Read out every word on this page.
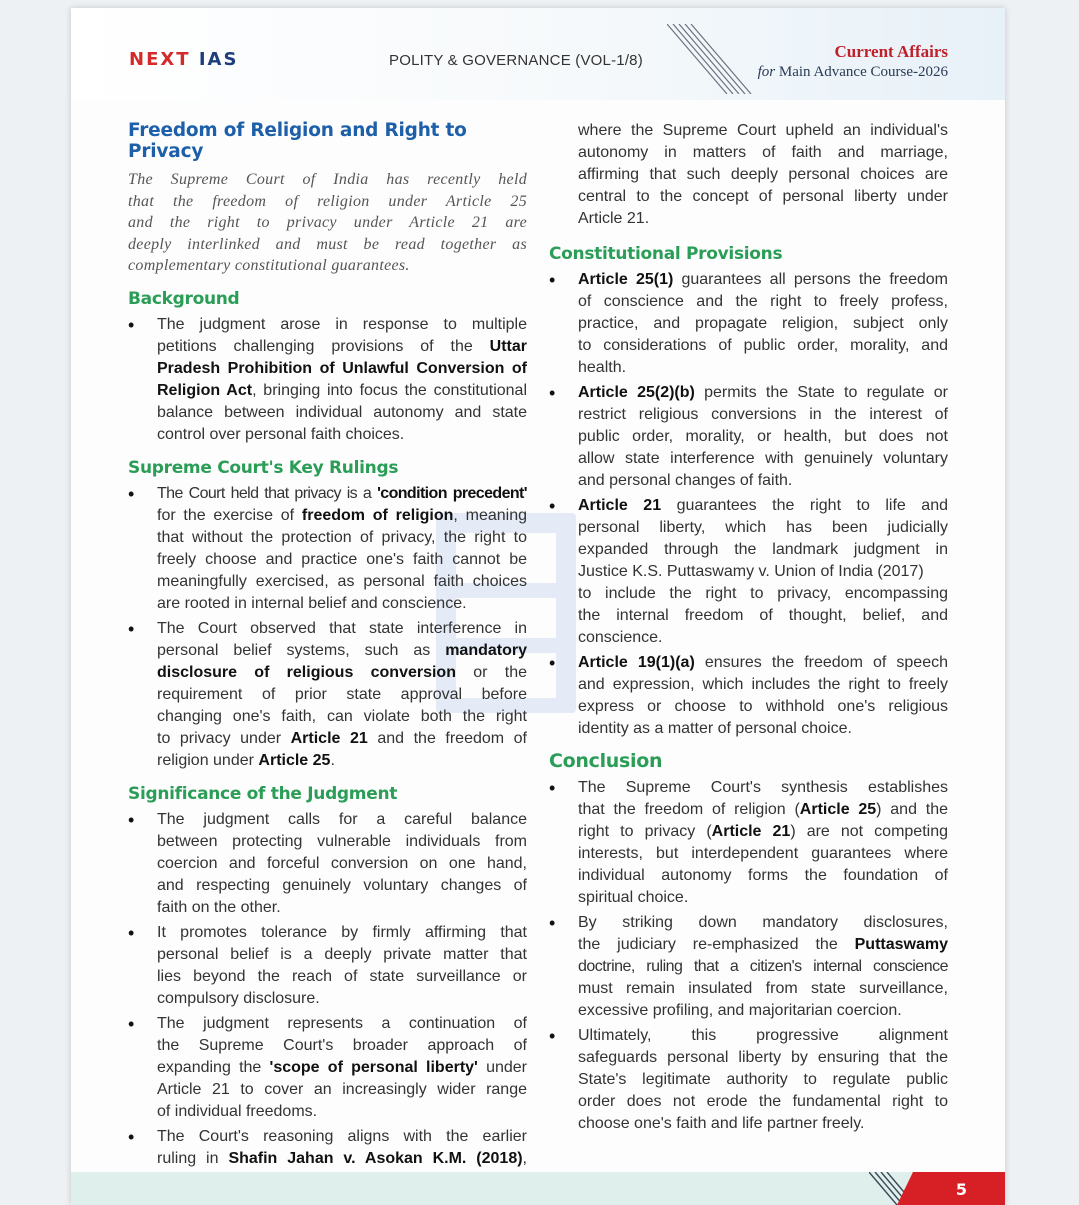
NEXT IAS	POLITY & GOVERNANCE (VOL-1/8)	Current Affairs
for Main Advance Course-2026
Freedom of Religion and Right to Privacy
The Supreme Court of India has recently held
that the freedom of religion under Article 25
and the right to privacy under Article 21 are
deeply interlinked and must be read together as
complementary constitutional guarantees.
Background
• The judgment arose in response to multiple
petitions challenging provisions of the Uttar
Pradesh Prohibition of Unlawful Conversion of
Religion Act, bringing into focus the constitutional
balance between individual autonomy and state
control over personal faith choices.
Supreme Court's Key Rulings
• The Court held that privacy is a 'condition precedent'
for the exercise of freedom of religion, meaning
that without the protection of privacy, the right to
freely choose and practice one's faith cannot be
meaningfully exercised, as personal faith choices
are rooted in internal belief and conscience.
• The Court observed that state interference in
personal belief systems, such as mandatory
disclosure of religious conversion or the
requirement of prior state approval before
changing one's faith, can violate both the right
to privacy under Article 21 and the freedom of
religion under Article 25.
Significance of the Judgment
• The judgment calls for a careful balance
between protecting vulnerable individuals from
coercion and forceful conversion on one hand,
and respecting genuinely voluntary changes of
faith on the other.
• It promotes tolerance by firmly affirming that
personal belief is a deeply private matter that
lies beyond the reach of state surveillance or
compulsory disclosure.
• The judgment represents a continuation of
the Supreme Court's broader approach of
expanding the 'scope of personal liberty' under
Article 21 to cover an increasingly wider range
of individual freedoms.
• The Court's reasoning aligns with the earlier
ruling in Shafin Jahan v. Asokan K.M. (2018),
where the Supreme Court upheld an individual's
autonomy in matters of faith and marriage,
affirming that such deeply personal choices are
central to the concept of personal liberty under
Article 21.
Constitutional Provisions
• Article 25(1) guarantees all persons the freedom
of conscience and the right to freely profess,
practice, and propagate religion, subject only
to considerations of public order, morality, and
health.
• Article 25(2)(b) permits the State to regulate or
restrict religious conversions in the interest of
public order, morality, or health, but does not
allow state interference with genuinely voluntary
and personal changes of faith.
• Article 21 guarantees the right to life and
personal liberty, which has been judicially
expanded through the landmark judgment in
Justice K.S. Puttaswamy v. Union of India (2017)
to include the right to privacy, encompassing
the internal freedom of thought, belief, and
conscience.
• Article 19(1)(a) ensures the freedom of speech
and expression, which includes the right to freely
express or choose to withhold one's religious
identity as a matter of personal choice.
Conclusion
• The Supreme Court's synthesis establishes
that the freedom of religion (Article 25) and the
right to privacy (Article 21) are not competing
interests, but interdependent guarantees where
individual autonomy forms the foundation of
spiritual choice.
• By striking down mandatory disclosures,
the judiciary re-emphasized the Puttaswamy
doctrine, ruling that a citizen's internal conscience
must remain insulated from state surveillance,
excessive profiling, and majoritarian coercion.
• Ultimately, this progressive alignment
safeguards personal liberty by ensuring that the
State's legitimate authority to regulate public
order does not erode the fundamental right to
choose one's faith and life partner freely.
5
